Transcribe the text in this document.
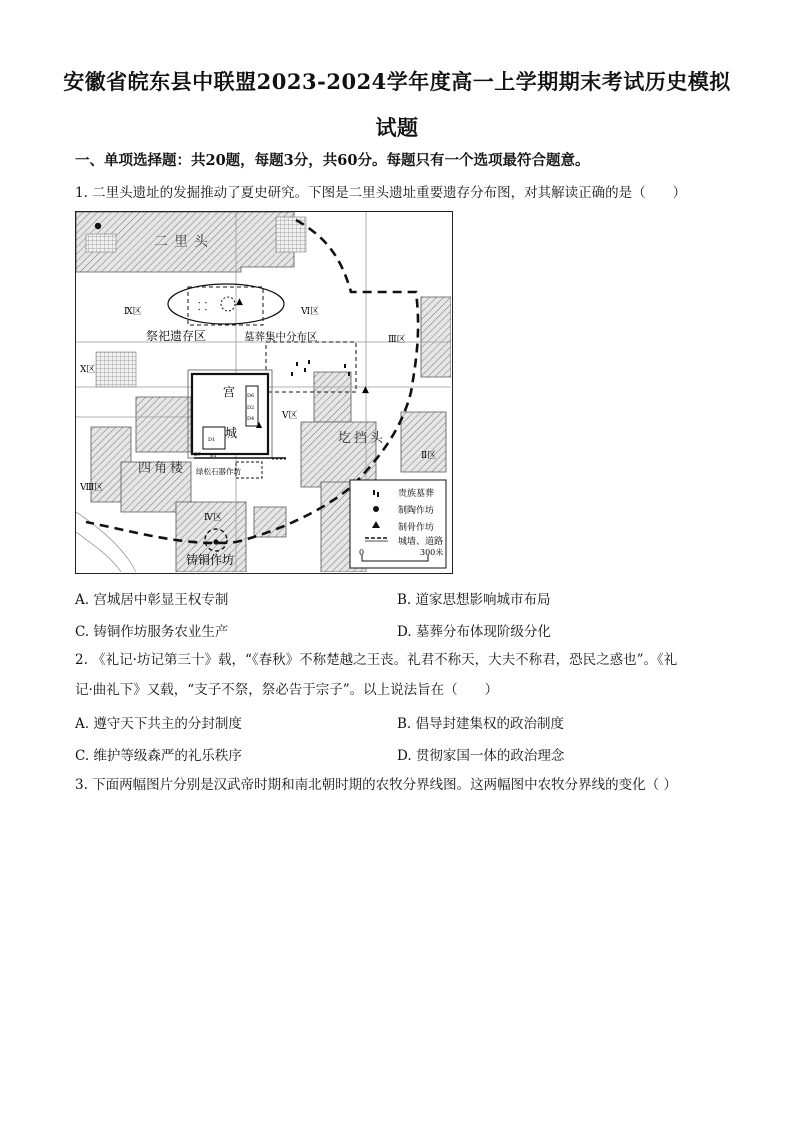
安徽省皖东县中联盟2023-2024学年度高一上学期期末考试历史模拟
试题
一、单项选择题：共20题，每题3分，共60分。每题只有一个选项最符合题意。
1. 二里头遗址的发掘推动了夏史研究。下图是二里头遗址重要遗存分布图，对其解读正确的是（　　）
⸬	▲
▲
▲
二里头
祭祀遗存区	墓葬集中分布区
宫
城
四角楼
圪挡头
绿松石器作坊
铸铜作坊
Ⅸ区	Ⅵ区
Ⅲ区
Ⅹ区
Ⅴ区
Ⅱ区
Ⅷ区
Ⅳ区
D6
D2
D1
D4
B1
B7
贵族墓葬
制陶作坊
制骨作坊
城墙、道路
0	300米
A. 宫城居中彰显王权专制	B. 道家思想影响城市布局
C. 铸铜作坊服务农业生产	D. 墓葬分布体现阶级分化
2. 《礼记·坊记第三十》载，“《春秋》不称楚越之王丧。礼君不称天，大夫不称君，恐民之惑也”。《礼
记·曲礼下》又载，“支子不祭，祭必告于宗子”。以上说法旨在（　　）
A. 遵守天下共主的分封制度	B. 倡导封建集权的政治制度
C. 维护等级森严的礼乐秩序	D. 贯彻家国一体的政治理念
3. 下面两幅图片分别是汉武帝时期和南北朝时期的农牧分界线图。这两幅图中农牧分界线的变化（ ）
